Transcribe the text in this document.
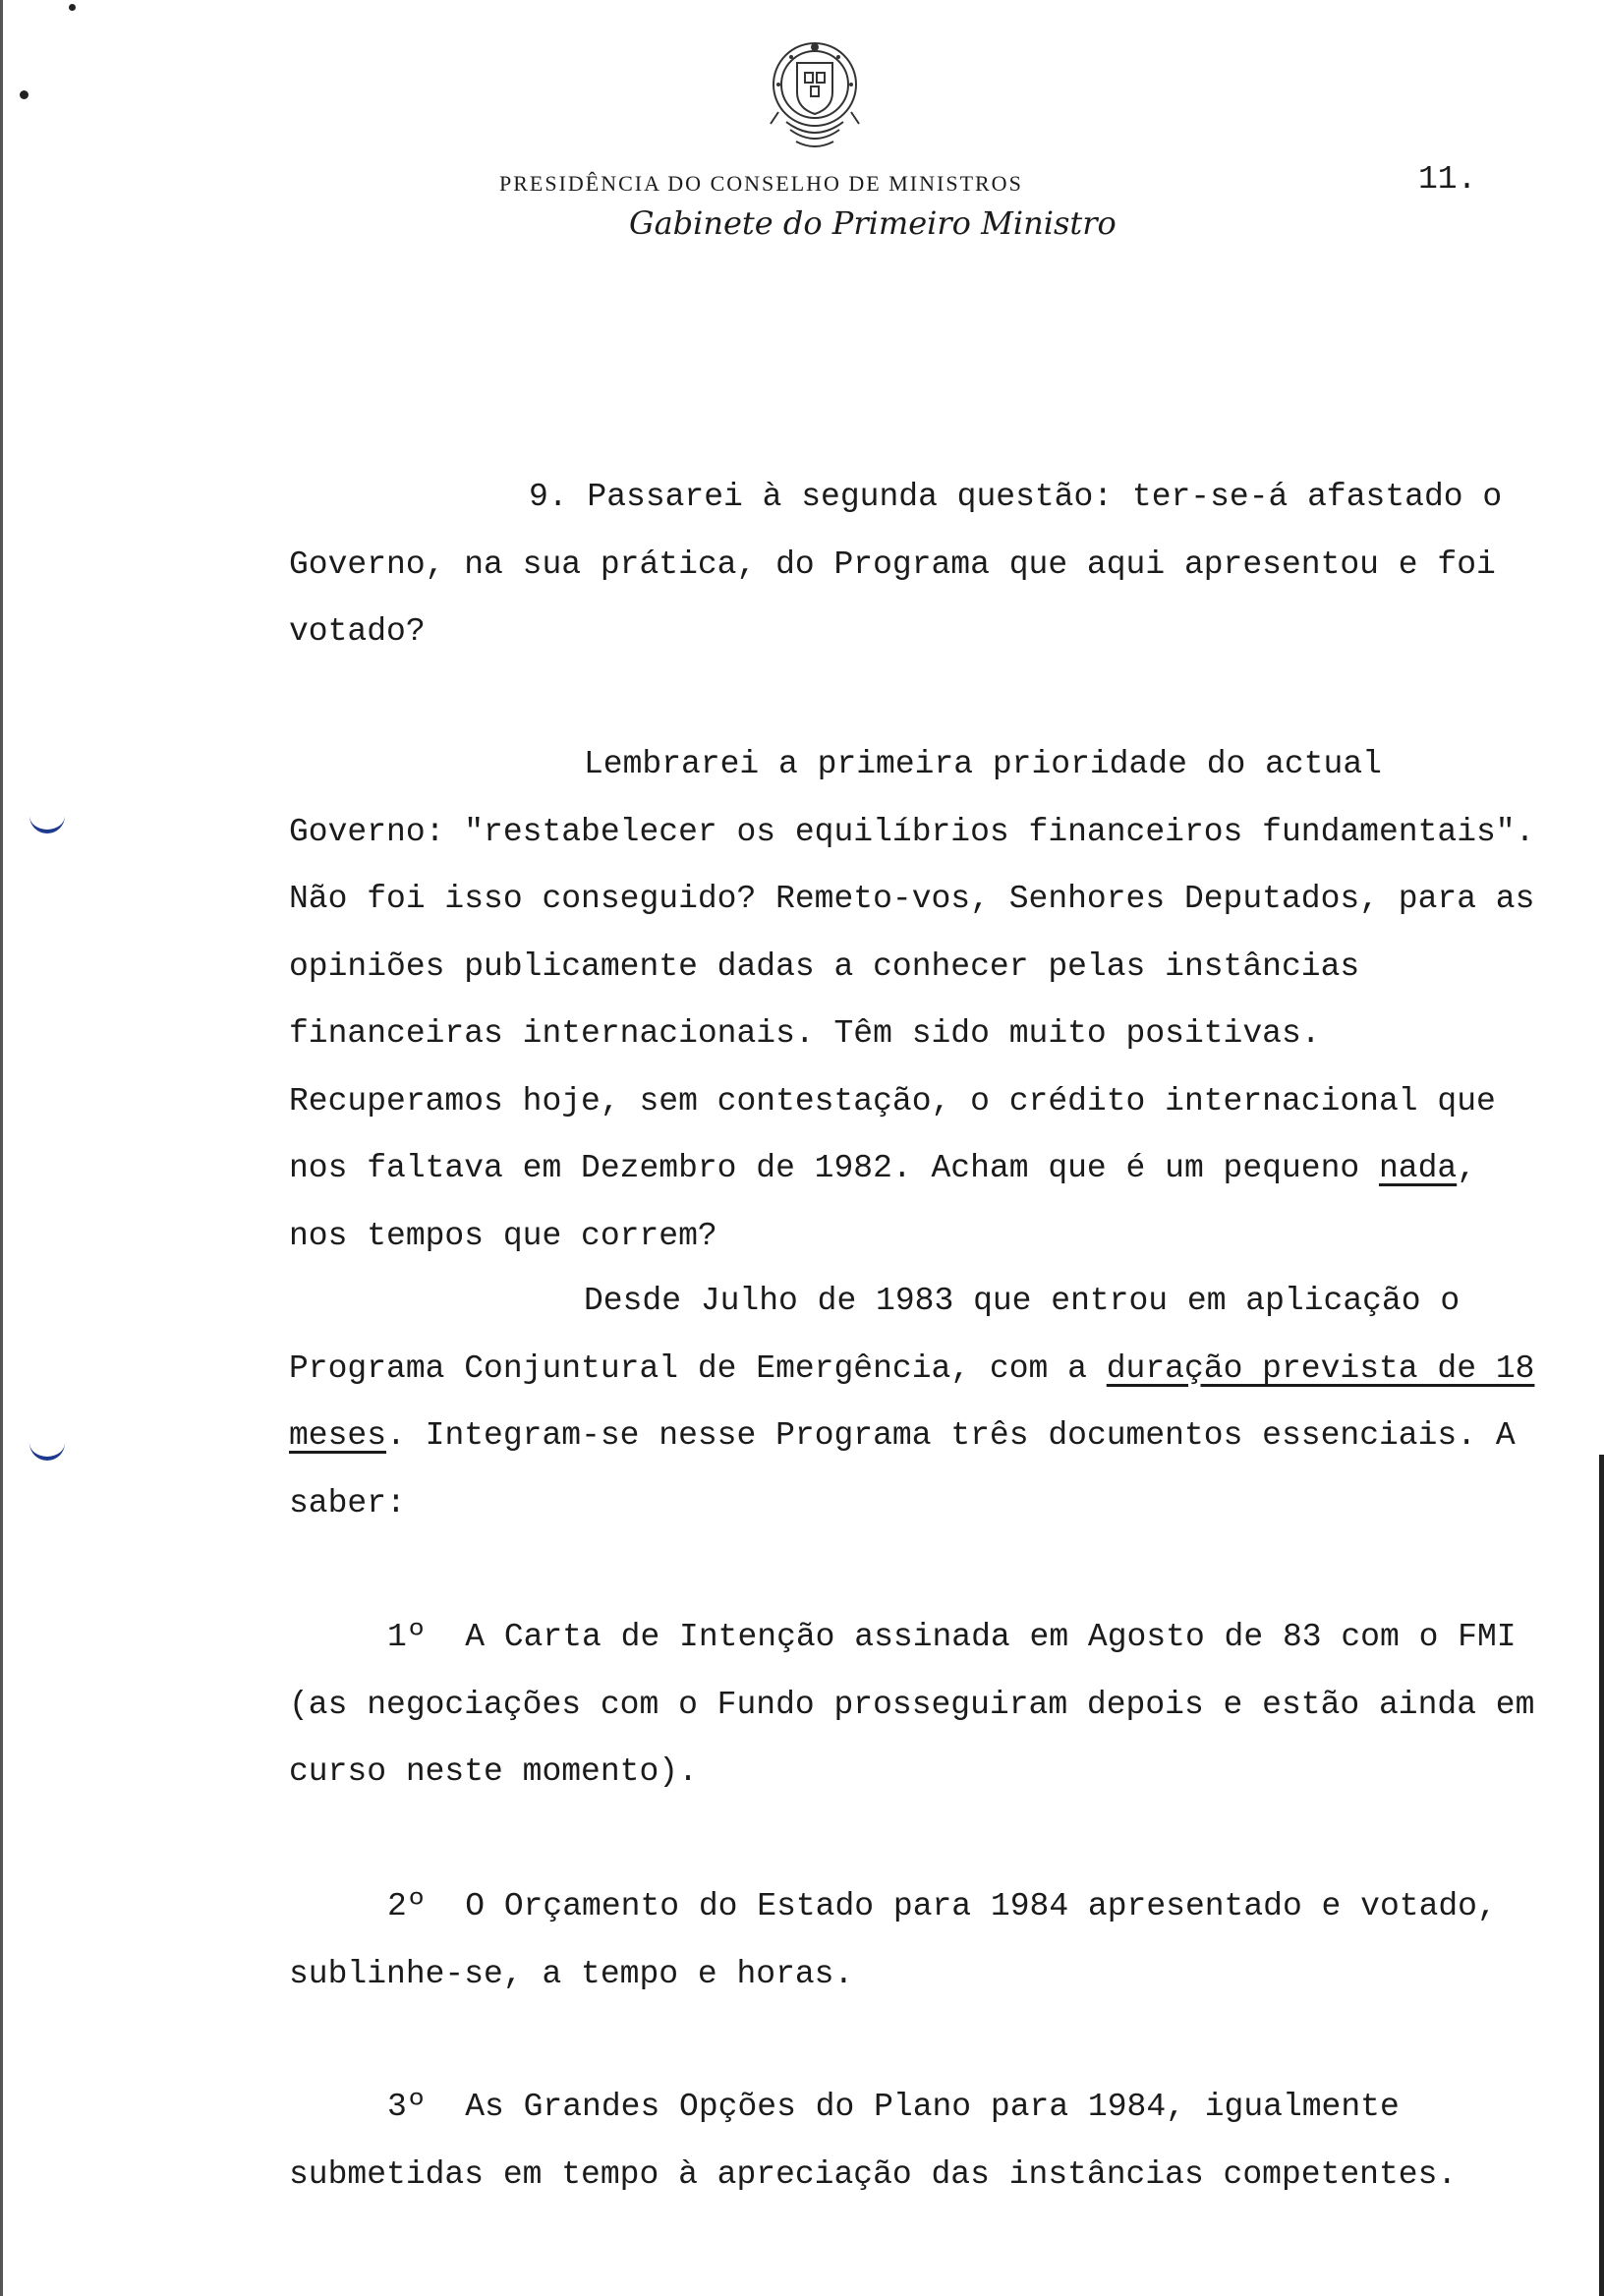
PRESIDÊNCIA DO CONSELHO DE MINISTROS
Gabinete do Primeiro Ministro
11.

9. Passarei à segunda questão: ter-se-á afastado o Governo, na sua prática, do Programa que aqui apresentou e foi votado?

Lembrarei a primeira prioridade do actual Governo: "restabelecer os equilíbrios financeiros fundamentais". Não foi isso conseguido? Remeto-vos, Senhores Deputados, para as opiniões publicamente dadas a conhecer pelas instâncias financeiras internacionais. Têm sido muito positivas. Recuperamos hoje, sem contestação, o crédito internacional que nos faltava em Dezembro de 1982. Acham que é um pequeno nada, nos tempos que correm?

Desde Julho de 1983 que entrou em aplicação o Programa Conjuntural de Emergência, com a duração prevista de 18 meses. Integram-se nesse Programa três documentos essenciais. A saber:

1º A Carta de Intenção assinada em Agosto de 83 com o FMI (as negociações com o Fundo prosseguiram depois e estão ainda em curso neste momento).

2º O Orçamento do Estado para 1984 apresentado e votado, sublinhe-se, a tempo e horas.

3º As Grandes Opções do Plano para 1984, igualmente submetidas em tempo à apreciação das instâncias competentes.
